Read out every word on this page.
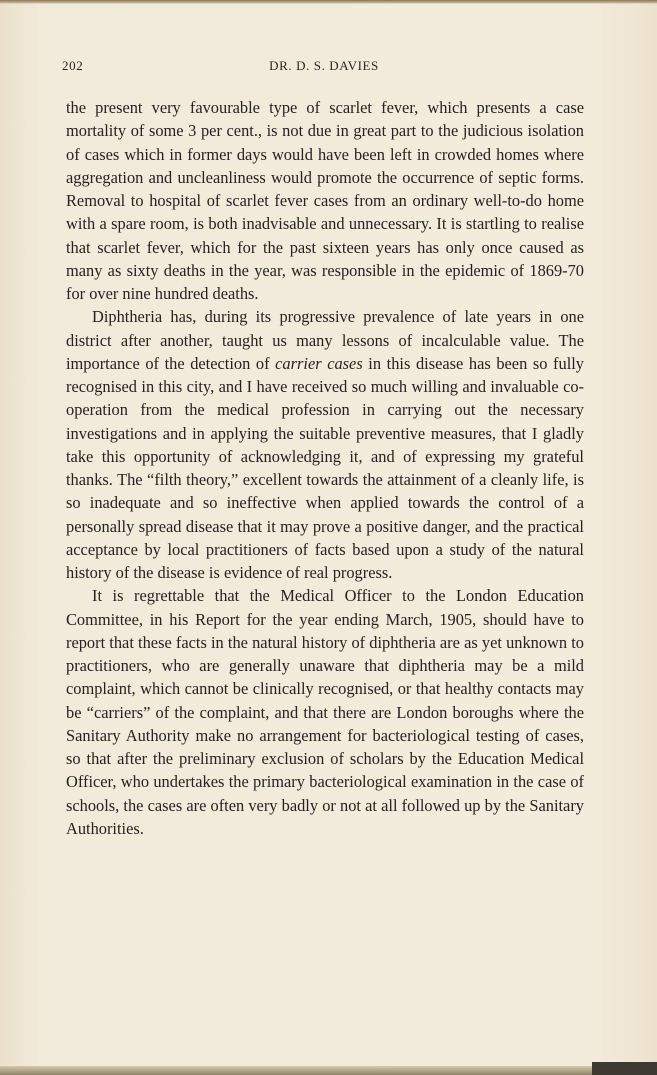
202	DR. D. S. DAVIES

the present very favourable type of scarlet fever, which presents a case mortality of some 3 per cent., is not due in great part to the judicious isolation of cases which in former days would have been left in crowded homes where aggregation and uncleanliness would promote the occurrence of septic forms. Removal to hospital of scarlet fever cases from an ordinary well-to-do home with a spare room, is both inadvisable and unnecessary. It is startling to realise that scarlet fever, which for the past sixteen years has only once caused as many as sixty deaths in the year, was responsible in the epidemic of 1869-70 for over nine hundred deaths.

Diphtheria has, during its progressive prevalence of late years in one district after another, taught us many lessons of incalculable value. The importance of the detection of carrier cases in this disease has been so fully recognised in this city, and I have received so much willing and invaluable co-operation from the medical profession in carrying out the necessary investigations and in applying the suitable preventive measures, that I gladly take this opportunity of acknowledging it, and of expressing my grateful thanks. The “filth theory,” excellent towards the attainment of a cleanly life, is so inadequate and so ineffective when applied towards the control of a personally spread disease that it may prove a positive danger, and the practical acceptance by local practitioners of facts based upon a study of the natural history of the disease is evidence of real progress.

It is regrettable that the Medical Officer to the London Education Committee, in his Report for the year ending March, 1905, should have to report that these facts in the natural history of diphtheria are as yet unknown to practitioners, who are generally unaware that diphtheria may be a mild complaint, which cannot be clinically recognised, or that healthy contacts may be “carriers” of the complaint, and that there are London boroughs where the Sanitary Authority make no arrangement for bacteriological testing of cases, so that after the preliminary exclusion of scholars by the Education Medical Officer, who undertakes the primary bacteriological examination in the case of schools, the cases are often very badly or not at all followed up by the Sanitary Authorities.
